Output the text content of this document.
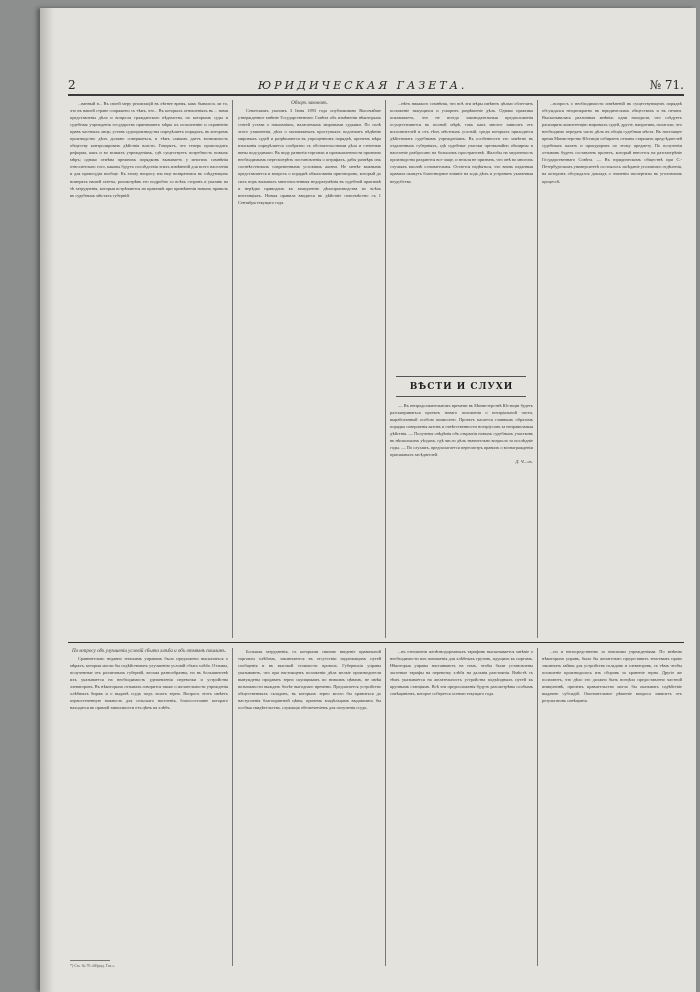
2	ЮРИДИЧЕСКАЯ ГАЗЕТА.	№ 71.

...ванный в... Въ своей меру реализацій въ лѣтнее время, какъ бывалось ли то, что въ нашей стране сопряжено съ тѣмъ, что... Въ которыхъ отношеніяхъ въ ... нами представлены дѣла и вопросы гражданскаго вѣдомства, по которымъ суды и судебныя учрежденія государства принимаютъ мѣры къ исполненію и охраненію правъ частныхъ лицъ; уставъ судопроизводства опредѣляетъ порядокъ, въ которомъ производство дѣлъ должно совершаться, и тѣмъ самымъ даетъ возможность обществу контролировать дѣйствія власти. Говорятъ, что теперь происходитъ реформа, какъ и во всякихъ учрежденіяхъ, гдѣ существуетъ потребность новыхъ мѣръ; однако отмѣна прежнихъ порядковъ вызываетъ у многихъ сомнѣнія относительно того, каковы будутъ послѣдствія этихъ измѣненій для всего населенія и для правосудія вообще. Къ этому вопросу мы еще возвратимся въ слѣдующихъ номерахъ нашей газеты, разсмотрѣвъ его подробно со всѣхъ сторонъ и указавъ на тѣ затрудненія, которыя встрѣчаются на практикѣ при примѣненіи новыхъ правилъ въ судебныхъ мѣстахъ губерній.

Обзоръ законовъ.

Сенатскимъ указомъ 3 Іюня 1893 года опубликовано Высочайше утвержденное мнѣніе Государственнаго Совѣта объ измѣненіи нѣкоторыхъ статей устава о наказаніяхъ, налагаемыхъ мировыми судьями. По силѣ этого узаконенія, дѣла о маловажныхъ проступкахъ подлежатъ вѣдѣнію мировыхъ судей и разрѣшаются въ упрощенномъ порядкѣ, причемъ мѣра взысканія опредѣляется сообразно съ обстоятельствами дѣла и степенью вины подсудимаго. Въ виду развитія торговли и промышленности признано необходимымъ пересмотрѣть постановленія о штрафахъ, дабы размѣръ ихъ соотвѣтствовалъ современнымъ условіямъ жизни. Не менѣе важнымъ представляется и вопросъ о порядкѣ обжалованія приговоровъ, который до сихъ поръ вызывалъ многочисленныя недоразумѣнія въ судебной практикѣ и нерѣдко приводилъ къ замедленію дѣлопроизводства во всѣхъ инстанціяхъ. Новыя правила вводятся въ дѣйствіе повсемѣстно съ 1 Сентября текущаго года.

...нѣтъ никакого сомнѣнія, что всѣ эти мѣры имѣютъ цѣлью облегчить положеніе тяжущихся и ускорить разрѣшеніе дѣлъ. Однако практика показываетъ, что не всегда законодательныя предположенія осуществляются въ полной мѣрѣ, такъ какъ многое зависитъ отъ исполнителей и отъ тѣхъ мѣстныхъ условій, среди которыхъ приходится дѣйствовать судебнымъ учрежденіямъ. Въ особенности это замѣтно въ отдаленныхъ губерніяхъ, гдѣ судебные участки чрезвычайно обширны и населеніе разбросано на большомъ пространствѣ. Жалобы на медленность производства раздаются все чаще, и нельзя не признать, что онѣ во многихъ случаяхъ вполнѣ основательны. Остается надѣяться, что вновь изданныя правила окажутъ благотворное вліяніе на ходъ дѣлъ и устранятъ указанныя неудобства.

ВѢСТИ И СЛУХИ

— Въ непродолжительномъ времени въ Министерствѣ Юстиціи будетъ разсматриваться проектъ новаго положенія о нотаріальной части, выработанный особою комиссіею. Проектъ касается главнымъ образомъ порядка совершенія актовъ и отвѣтственности нотаріусовъ за неправильныя дѣйствія. — Получены свѣдѣнія объ открытіи новыхъ судебныхъ участковъ въ нѣсколькихъ уѣздахъ, гдѣ число дѣлъ значительно возрасло за послѣдніе годы. — По слухамъ, предполагается пересмотръ правилъ о вознагражденіи присяжныхъ засѣдателей.

Д. Ч—чъ.

...вопросъ о необходимости измѣненій въ существующемъ порядкѣ обсуждался неоднократно въ юридическихъ обществахъ и въ печати. Высказывались различныя мнѣнія: одни находили, что слѣдуетъ расширить компетенцію мировыхъ судей, другіе, напротивъ, полагали, что необходимо передать часть дѣлъ въ общія судебныя мѣста. Въ настоящее время Министерство Юстиціи собираетъ отзывы старшихъ предсѣдателей судебныхъ палатъ и прокуроровъ по этому предмету. По полученіи отзывовъ будетъ составленъ проектъ, который внесется на разсмотрѣніе Государственнаго Совѣта. — Въ юридическомъ обществѣ при С.-Петербургскомъ университетѣ состоялось засѣданіе уголовнаго отдѣленія, на которомъ обсуждался докладъ о значеніи экспертизы въ уголовномъ процессѣ.

По вопросу объ улучшеніи условій сбыта хлѣба и объ отмѣнѣ пошлинъ.

Сравнительно недавно земскимъ управамъ было предложено высказаться о мѣрахъ, которыя могли бы содѣйствовать улучшенію условій сбыта хлѣба. Отзывы, полученные отъ различныхъ губерній, весьма разнообразны, но въ большинствѣ ихъ указывается на необходимость удешевленія перевозки и устройства элеваторовъ. Въ нѣкоторыхъ отзывахъ говорится также о желательности учрежденія хлѣбныхъ биржъ и о выдачѣ ссудъ подъ залогъ зерна. Вопросъ этотъ имѣетъ первостепенную важность для сельскаго населенія, благосостояніе котораго находится въ прямой зависимости отъ цѣнъ на хлѣбъ.

Большая затрудненія, съ которыми связано введеніе правильной торговли хлѣбомъ, заключаются въ отсутствіи надлежащихъ путей сообщенія и въ высокой стоимости провоза. Губернскія управы указываютъ, что при настоящемъ положеніи дѣла мелкіе производители вынуждены продавать зерно скупщикамъ по низкимъ цѣнамъ, не имѣя возможности выждать болѣе выгоднаго времени. Предлагается устройство общественныхъ складовъ, въ которыхъ зерно могло бы храниться до наступленія благопріятной цѣны, причемъ владѣльцамъ выдавались бы особыя свидѣтельства, служащія обезпеченіемъ для полученія ссудъ.

...въ отношеніи желѣзнодорожныхъ тарифовъ высказывается мнѣніе о необходимости ихъ пониженія для хлѣбныхъ грузовъ, идущихъ къ портамъ. Нѣкоторыя управы настаиваютъ на томъ, чтобы были установлены льготные тарифы на перевозку хлѣба на дальнія разстоянія. Вмѣстѣ съ тѣмъ указывается на желательность устройства подъѣздныхъ путей къ крупнымъ станціямъ. Всѣ эти предположенія будутъ разсмотрѣны особымъ совѣщаніемъ, которое соберется осенью текущаго года.

...но и непосредственно за земскими учрежденіями. По мнѣнію нѣкоторыхъ управъ, было бы желательно предоставить земствамъ право заключать займы для устройства складовъ и элеваторовъ, съ тѣмъ чтобы погашеніе производилось изъ сборовъ за храненіе зерна. Другіе же полагаютъ, что дѣло это должно быть всецѣло предоставлено частной иниціативѣ, причемъ правительство могло бы оказывать содѣйствіе выдачею субсидій. Окончательное рѣшеніе вопроса зависитъ отъ результатовъ совѣщанія.

*) См. № 70 «Юрид. Газ.».
